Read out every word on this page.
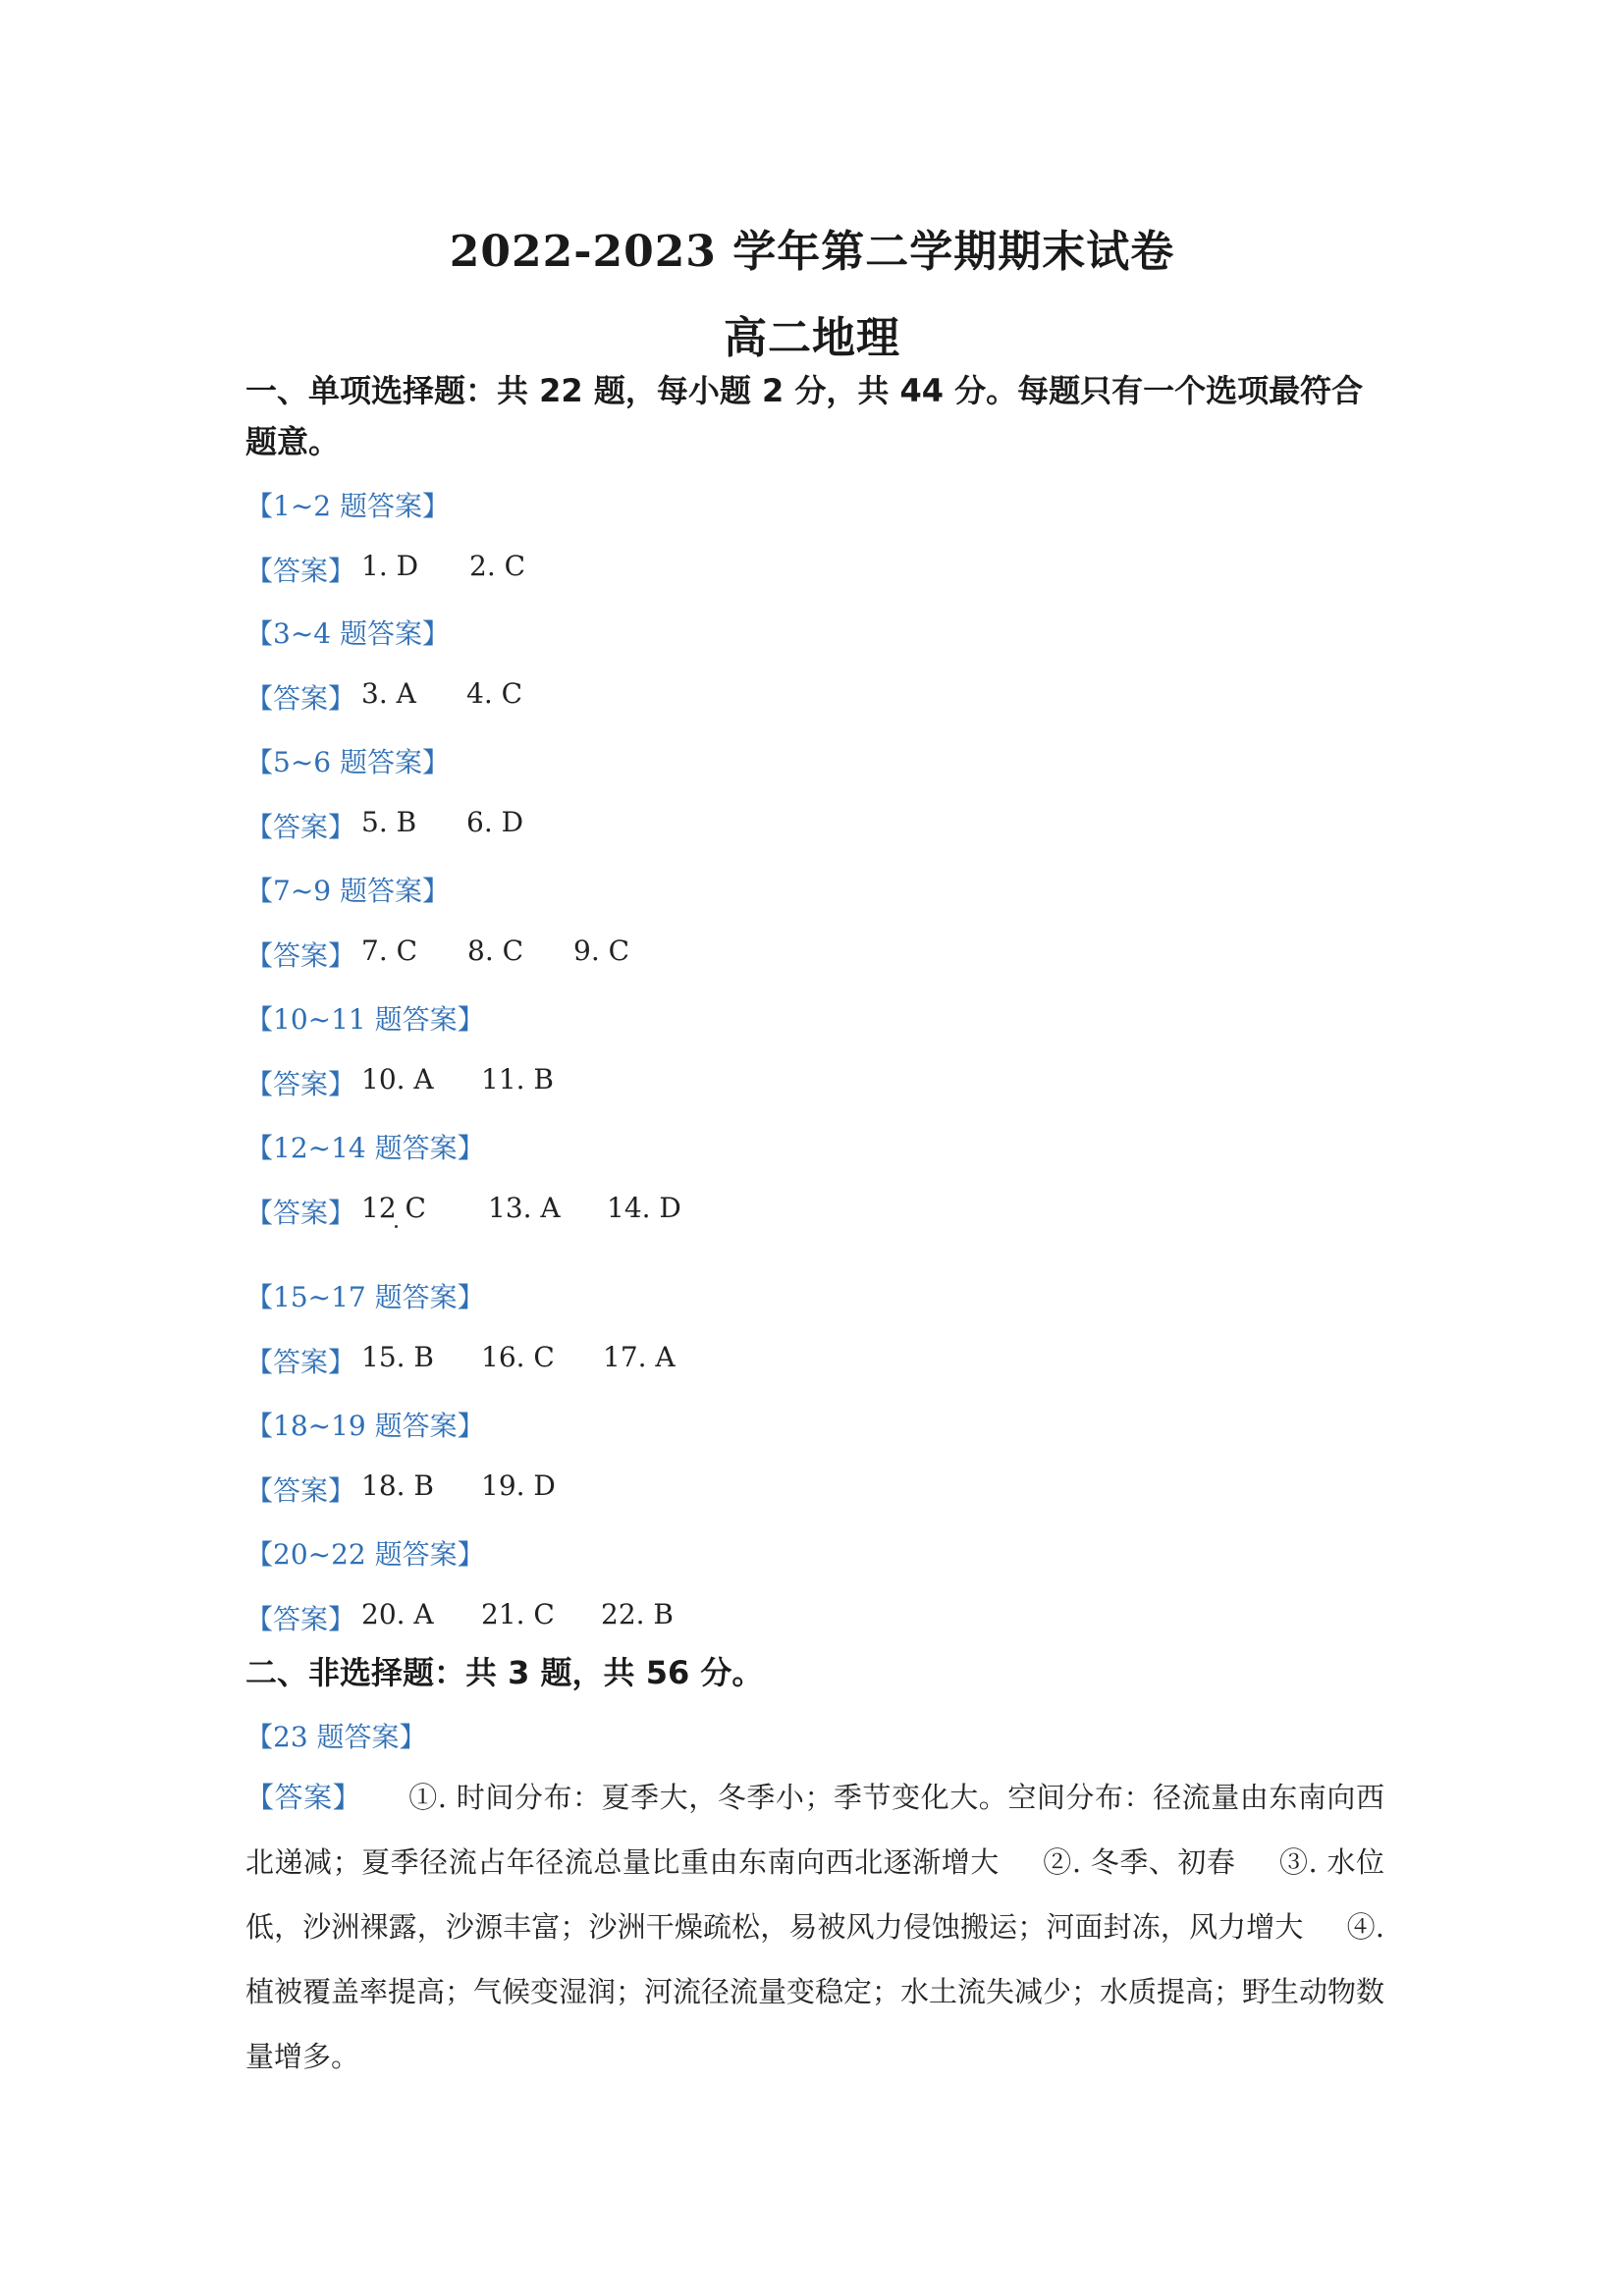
2022-2023 学年第二学期期末试卷
高二地理
一、单项选择题：共 22 题，每小题 2 分，共 44 分。每题只有一个选项最符合题意。
【1~2 题答案】
【答案】 1. D 2. C
【3~4 题答案】
【答案】 3. A 4. C
【5~6 题答案】
【答案】 5. B 6. D
【7~9 题答案】
【答案】 7. C 8. C 9. C
【10~11 题答案】
【答案】 10. A 11. B
【12~14 题答案】
【答案】 12 C 13. A 14. D
【15~17 题答案】
【答案】 15. B 16. C 17. A
【18~19 题答案】
【答案】 18. B 19. D
【20~22 题答案】
【答案】 20. A 21. C 22. B
二、非选择题：共 3 题，共 56 分。
【23 题答案】
【答案】 ①. 时间分布：夏季大，冬季小；季节变化大。空间分布：径流量由东南向西北递减；夏季径流占年径流总量比重由东南向西北逐渐增大 ②. 冬季、初春 ③. 水位低，沙洲裸露，沙源丰富；沙洲干燥疏松，易被风力侵蚀搬运；河面封冻，风力增大 ④. 植被覆盖率提高；气候变湿润；河流径流量变稳定；水土流失减少；水质提高；野生动物数量增多。
